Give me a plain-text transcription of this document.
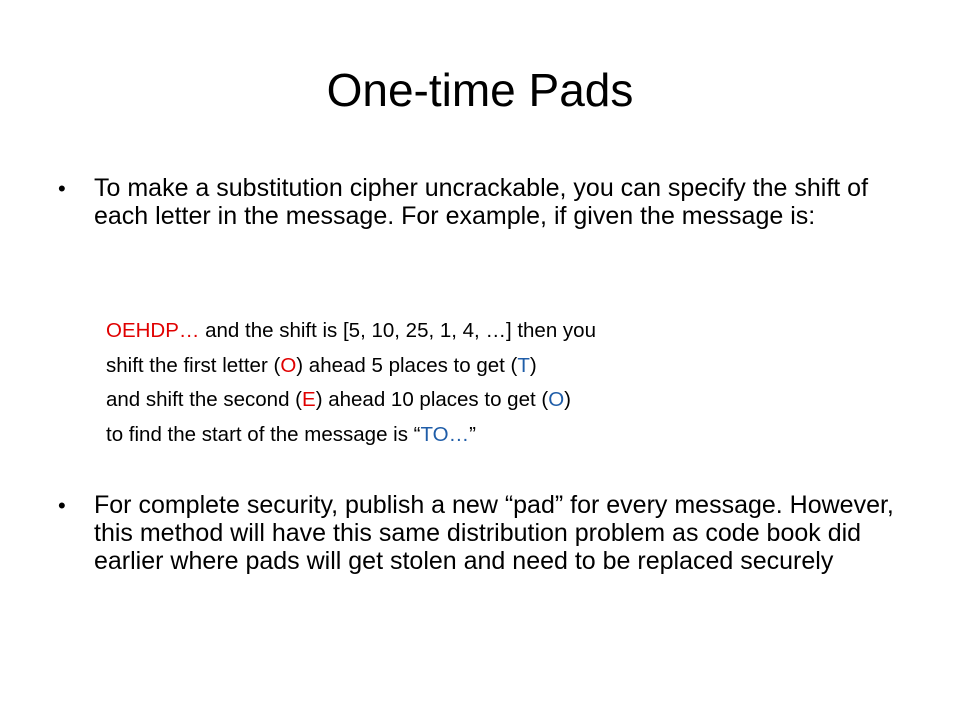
One-time Pads
•	To make a substitution cipher uncrackable, you can specify the shift of each letter in the message. For example, if given the message is:
OEHDP… and the shift is [5, 10, 25, 1, 4, …] then you
shift the first letter (O) ahead 5 places to get (T)
and shift the second (E) ahead 10 places to get (O)
to find the start of the message is “TO…”
•	For complete security, publish a new “pad” for every message. However, this method will have this same distribution problem as code book did earlier where pads will get stolen and need to be replaced securely
